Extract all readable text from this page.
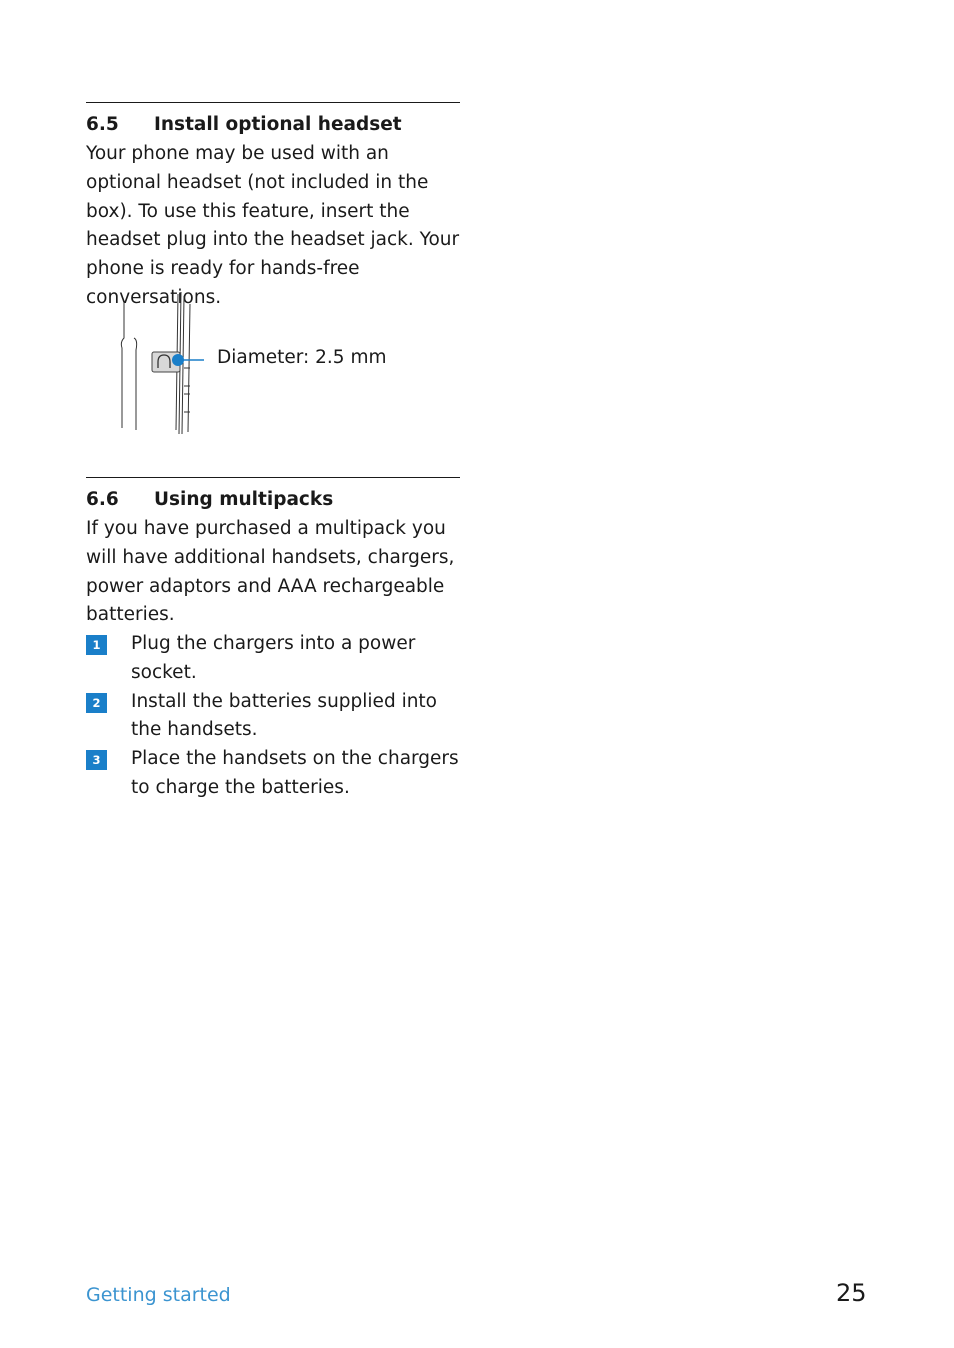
6.5 Install optional headset
Your phone may be used with an optional headset (not included in the box). To use this feature, insert the headset plug into the headset jack. Your phone is ready for hands-free conversations.
Diameter: 2.5 mm
6.6 Using multipacks
If you have purchased a multipack you will have additional handsets, chargers, power adaptors and AAA rechargeable batteries.
1	Plug the chargers into a power socket.
2	Install the batteries supplied into the handsets.
3	Place the handsets on the chargers to charge the batteries.
Getting started	25
